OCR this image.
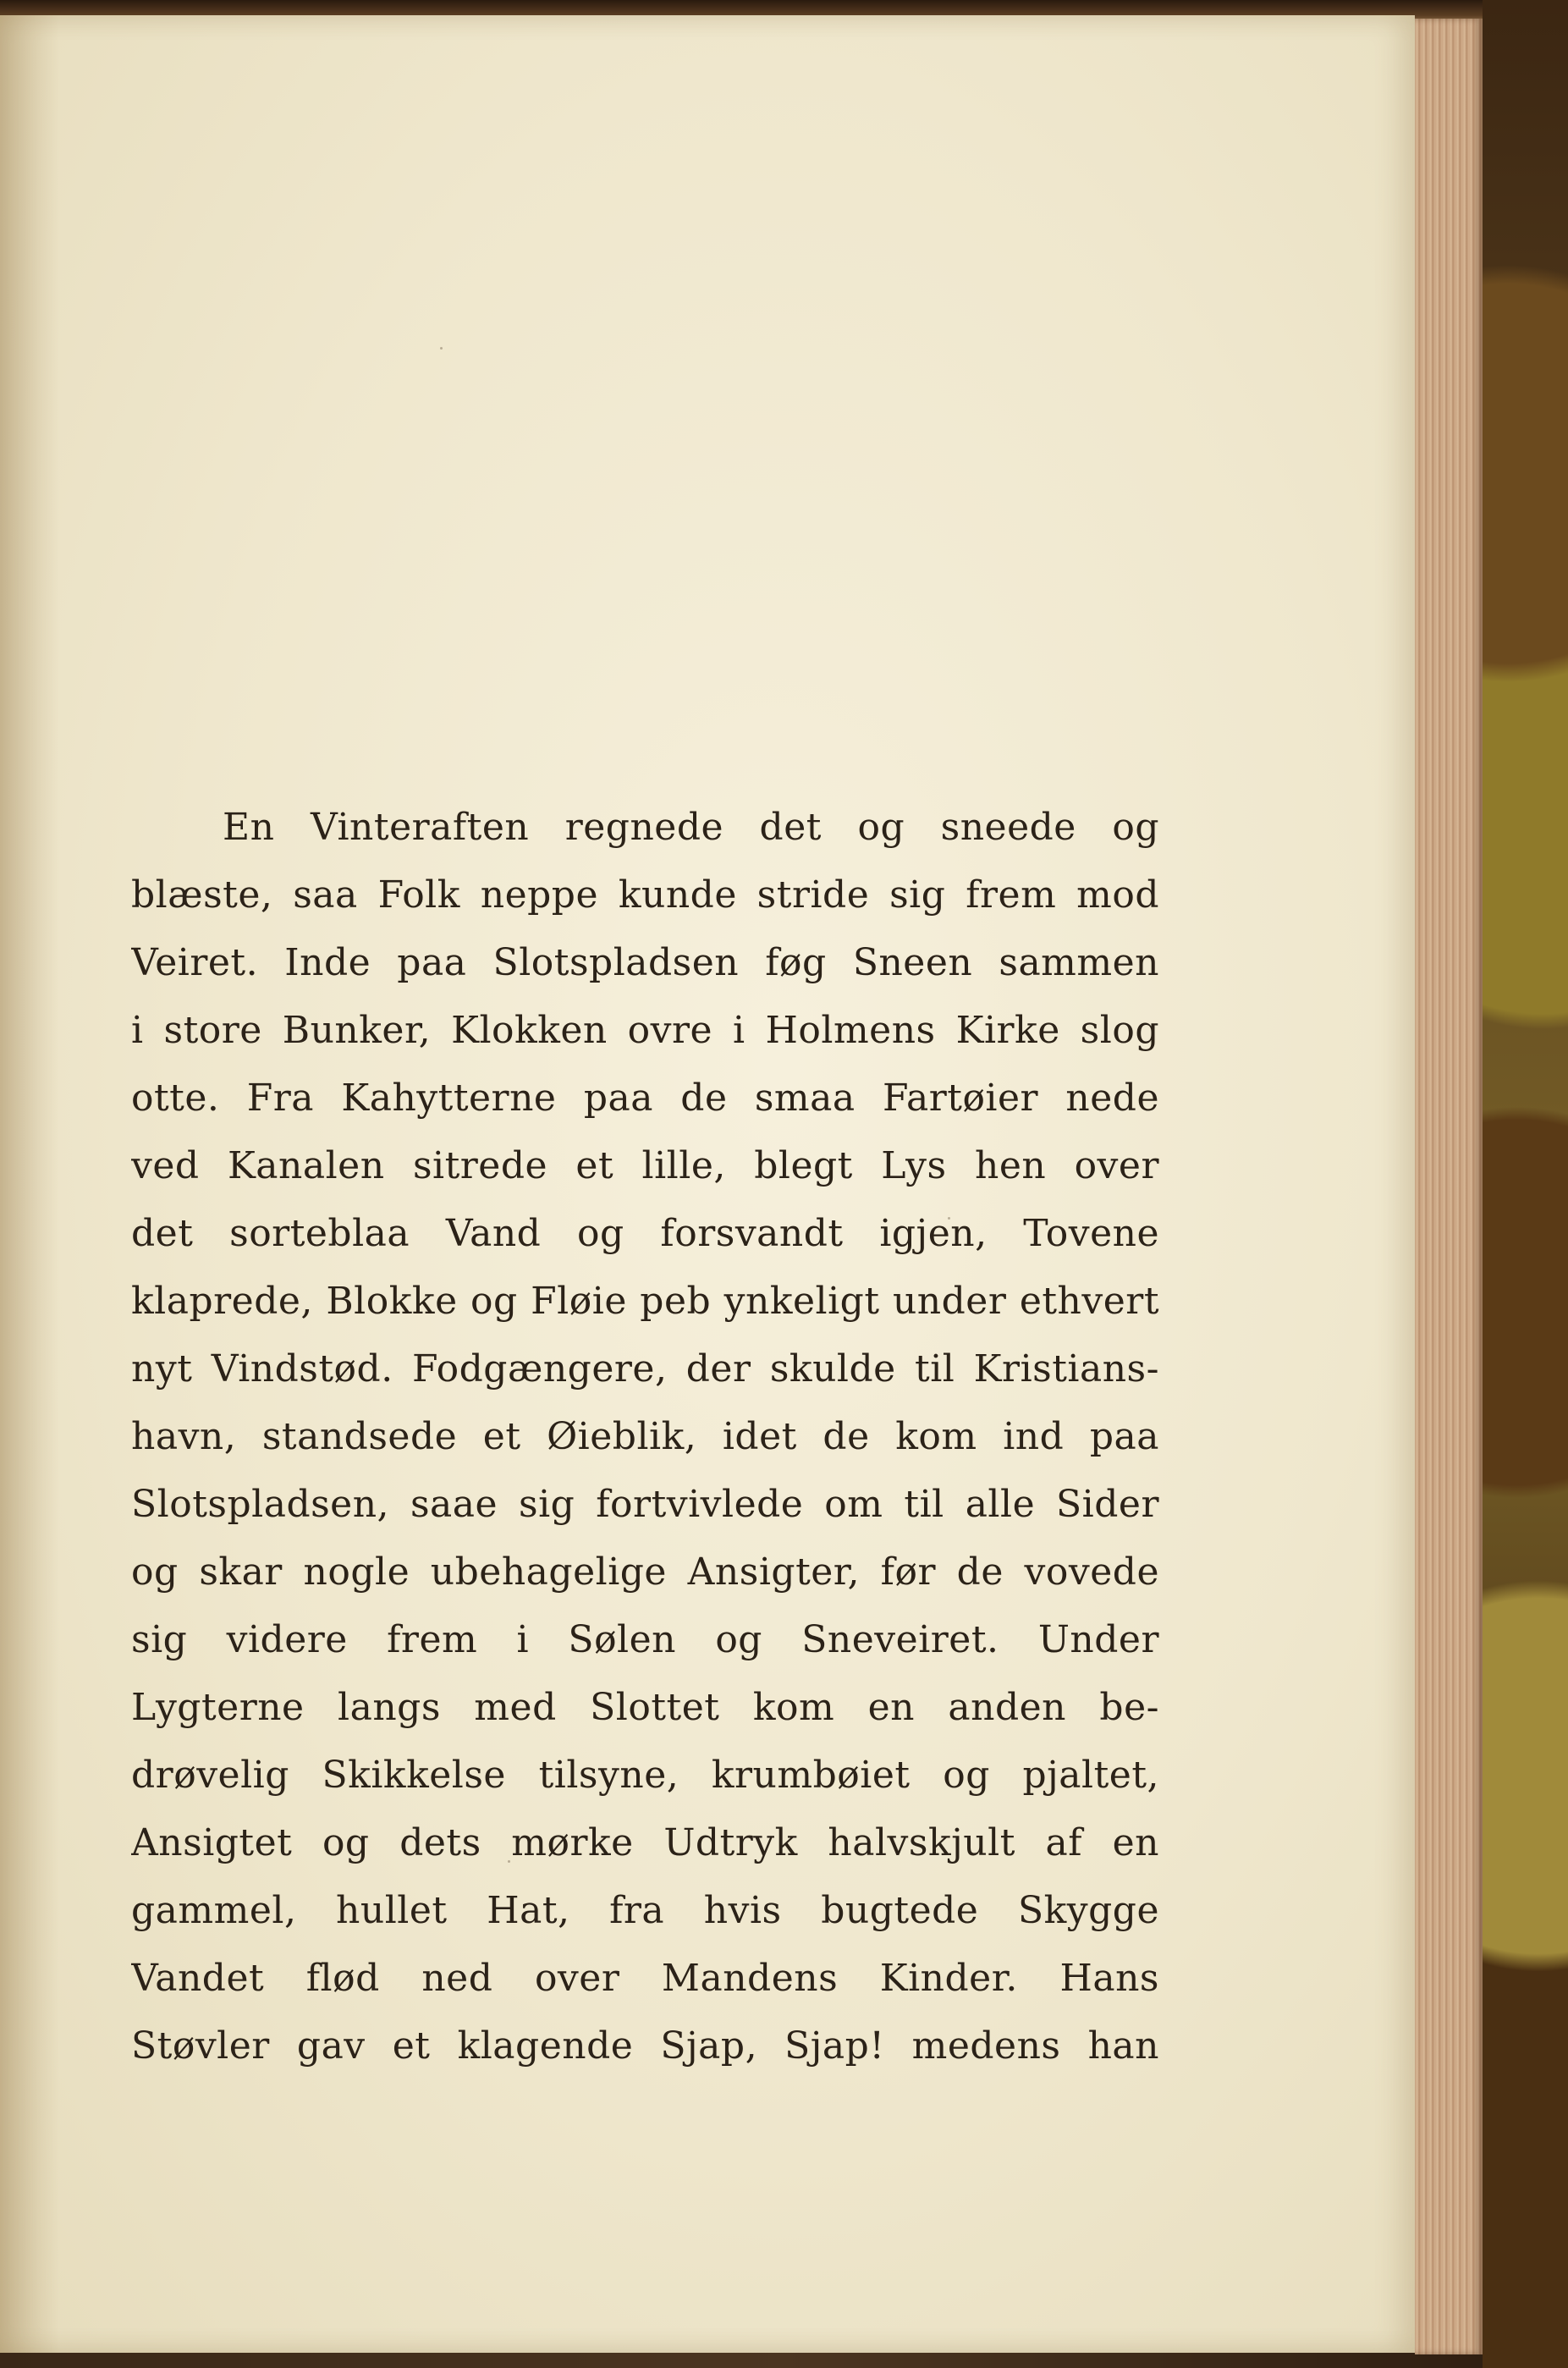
En Vinteraften regnede det og sneede og
blæste, saa Folk neppe kunde stride sig frem mod
Veiret. Inde paa Slotspladsen føg Sneen sammen
i store Bunker, Klokken ovre i Holmens Kirke slog
otte. Fra Kahytterne paa de smaa Fartøier nede
ved Kanalen sitrede et lille, blegt Lys hen over
det sorteblaa Vand og forsvandt igjen, Tovene
klaprede, Blokke og Fløie peb ynkeligt under ethvert
nyt Vindstød. Fodgængere, der skulde til Kristians-
havn, standsede et Øieblik, idet de kom ind paa
Slotspladsen, saae sig fortvivlede om til alle Sider
og skar nogle ubehagelige Ansigter, før de vovede
sig videre frem i Sølen og Sneveiret. Under
Lygterne langs med Slottet kom en anden be-
drøvelig Skikkelse tilsyne, krumbøiet og pjaltet,
Ansigtet og dets mørke Udtryk halvskjult af en
gammel, hullet Hat, fra hvis bugtede Skygge
Vandet flød ned over Mandens Kinder. Hans
Støvler gav et klagende Sjap, Sjap! medens han
